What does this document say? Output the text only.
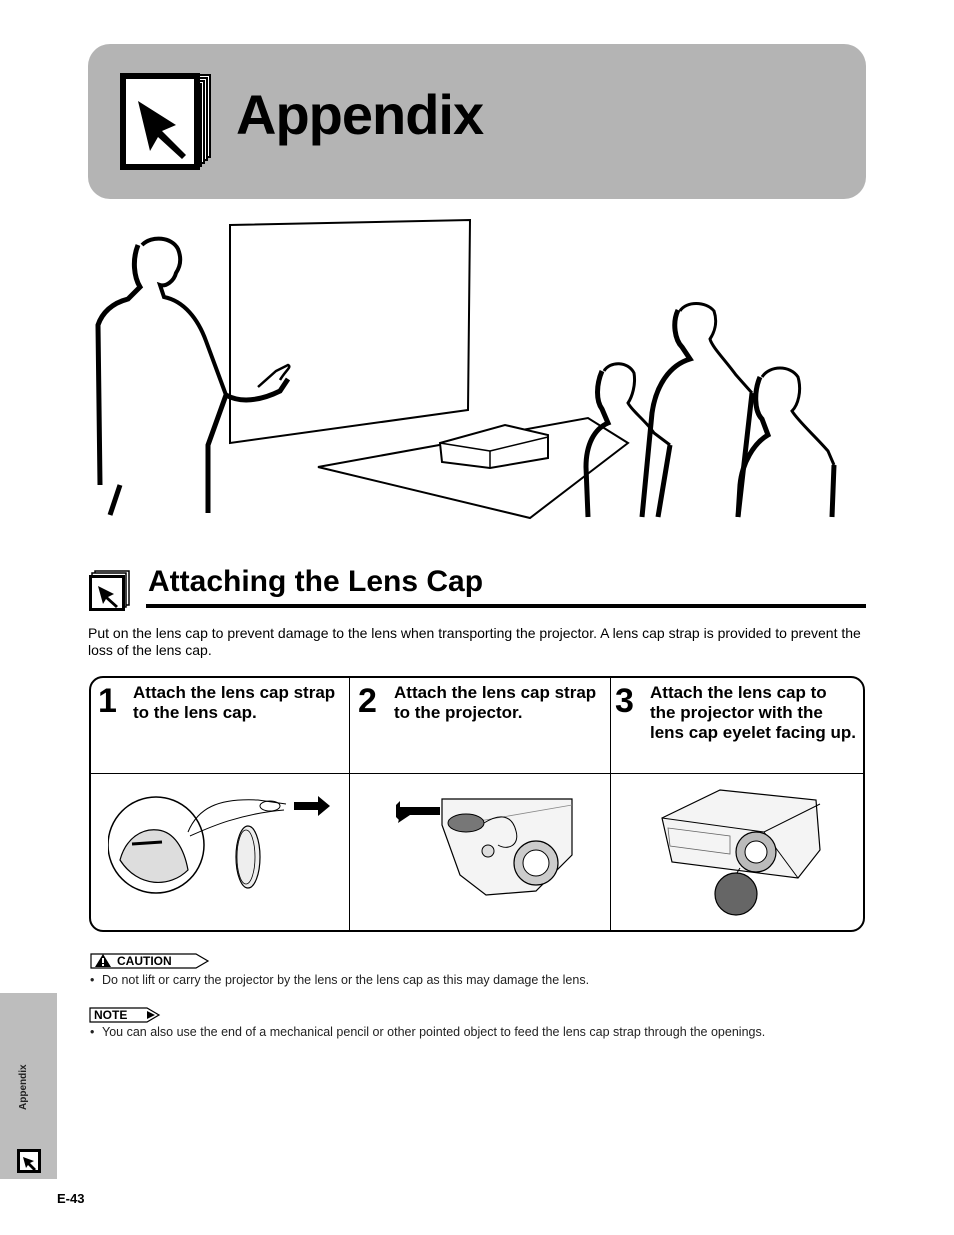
Appendix
Attaching the Lens Cap
Put on the lens cap to prevent damage to the lens when transporting the projector. A lens cap strap is provided to prevent the loss of the lens cap.
1 Attach the lens cap strap to the lens cap.	2 Attach the lens cap strap to the projector.	3 Attach the lens cap to the projector with the lens cap eyelet facing up.
CAUTION
• Do not lift or carry the projector by the lens or the lens cap as this may damage the lens.
NOTE
• You can also use the end of a mechanical pencil or other pointed object to feed the lens cap strap through the openings.
Appendix
E-43
